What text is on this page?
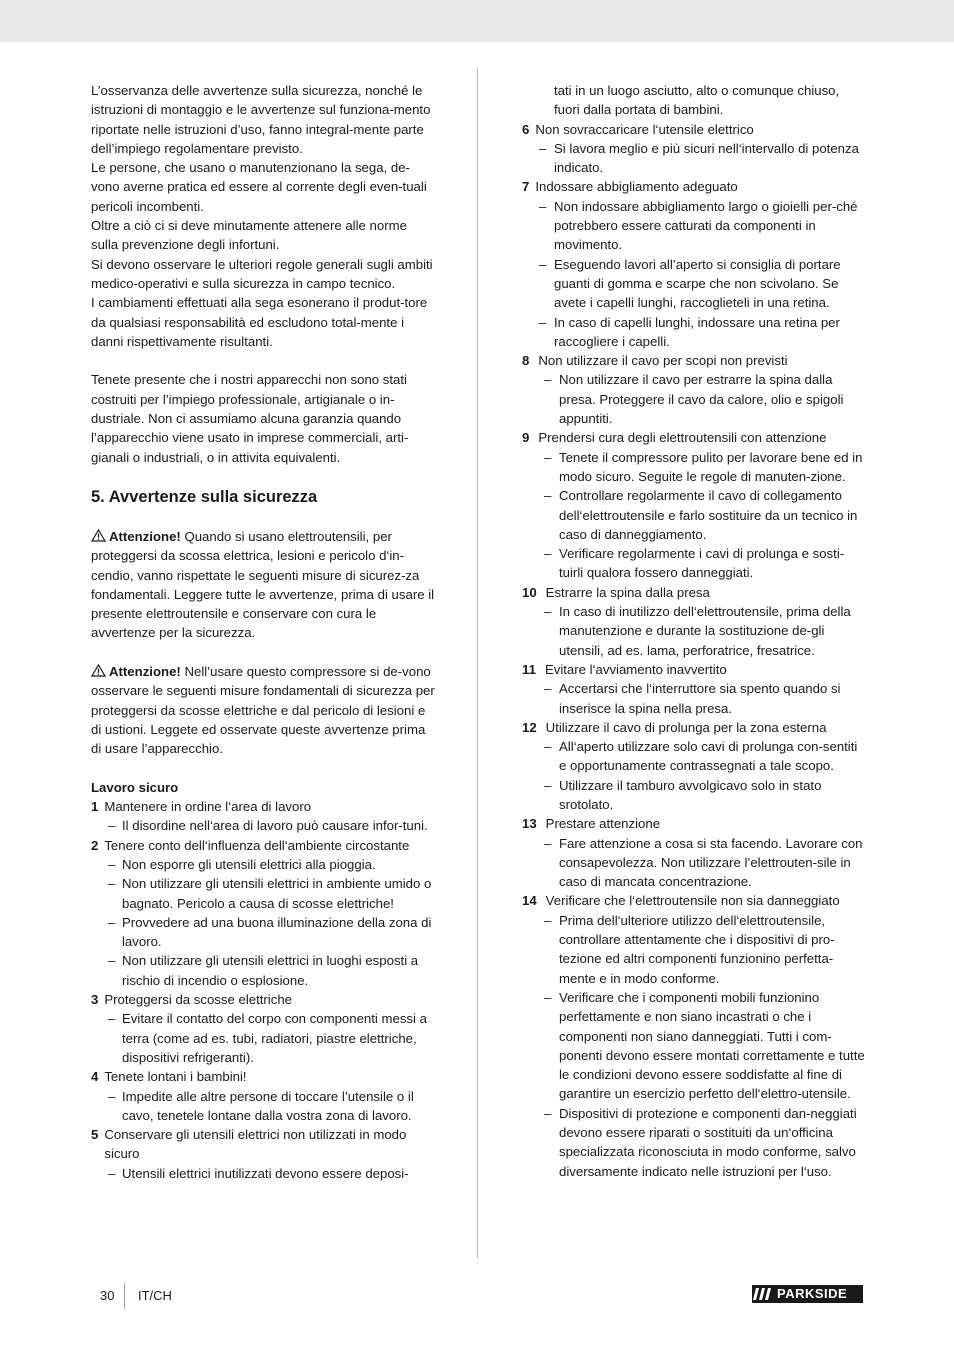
L’osservanza delle avvertenze sulla sicurezza, nonché le istruzioni di montaggio e le avvertenze sul funziona-mento riportate nelle istruzioni d’uso, fanno integral-mente parte dell’impiego regolamentare previsto.

Le persone, che usano o manutenzionano la sega, de-vono averne pratica ed essere al corrente degli even-tuali pericoli incombenti.

Oltre a ciò ci si deve minutamente attenere alle norme sulla prevenzione degli infortuni.

Si devono osservare le ulteriori regole generali sugli ambiti medico-operativi e sulla sicurezza in campo tecnico.

I cambiamenti effettuati alla sega esonerano il produt-tore da qualsiasi responsabilità ed escludono total-mente i danni rispettivamente risultanti.

Tenete presente che i nostri apparecchi non sono stati costruiti per l’impiego professionale, artigianale o in-dustriale. Non ci assumiamo alcuna garanzia quando l’apparecchio viene usato in imprese commerciali, arti-gianali o industriali, o in attivita equivalenti.

5. Avvertenze sulla sicurezza

Attenzione! Quando si usano elettroutensili, per proteggersi da scossa elettrica, lesioni e pericolo d‘in-cendio, vanno rispettate le seguenti misure di sicurez-za fondamentali. Leggere tutte le avvertenze, prima di usare il presente elettroutensile e conservare con cura le avvertenze per la sicurezza.

Attenzione! Nell’usare questo compressore si de-vono osservare le seguenti misure fondamentali di sicurezza per proteggersi da scosse elettriche e dal pericolo di lesioni e di ustioni. Leggete ed osservate queste avvertenze prima di usare l’apparecchio.

Lavoro sicuro
1 Mantenere in ordine l‘area di lavoro
– Il disordine nell‘area di lavoro può causare infor-tuni.
2 Tenere conto dell‘influenza dell‘ambiente circostante
– Non esporre gli utensili elettrici alla pioggia.
– Non utilizzare gli utensili elettrici in ambiente umido o bagnato. Pericolo a causa di scosse elettriche!
– Provvedere ad una buona illuminazione della zona di lavoro.
– Non utilizzare gli utensili elettrici in luoghi esposti a rischio di incendio o esplosione.
3 Proteggersi da scosse elettriche
– Evitare il contatto del corpo con componenti messi a terra (come ad es. tubi, radiatori, piastre elettriche, dispositivi refrigeranti).
4 Tenete lontani i bambini!
– Impedite alle altre persone di toccare l’utensile o il cavo, tenetele lontane dalla vostra zona di lavoro.
5 Conservare gli utensili elettrici non utilizzati in modo sicuro
– Utensili elettrici inutilizzati devono essere deposi-
tati in un luogo asciutto, alto o comunque chiuso, fuori dalla portata di bambini.
6 Non sovraccaricare l‘utensile elettrico
– Si lavora meglio e più sicuri nell‘intervallo di potenza indicato.
7 Indossare abbigliamento adeguato
– Non indossare abbigliamento largo o gioielli per-ché potrebbero essere catturati da componenti in movimento.
– Eseguendo lavori all’aperto si consiglia di portare guanti di gomma e scarpe che non scivolano. Se avete i capelli lunghi, raccoglieteli in una retina.
– In caso di capelli lunghi, indossare una retina per raccogliere i capelli.
8 Non utilizzare il cavo per scopi non previsti
– Non utilizzare il cavo per estrarre la spina dalla presa. Proteggere il cavo da calore, olio e spigoli appuntiti.
9 Prendersi cura degli elettroutensili con attenzione
– Tenete il compressore pulito per lavorare bene ed in modo sicuro. Seguite le regole di manuten-zione.
– Controllare regolarmente il cavo di collegamento dell‘elettroutensile e farlo sostituire da un tecnico in caso di danneggiamento.
– Verificare regolarmente i cavi di prolunga e sosti-tuirli qualora fossero danneggiati.
10 Estrarre la spina dalla presa
– In caso di inutilizzo dell‘elettroutensile, prima della manutenzione e durante la sostituzione de-gli utensili, ad es. lama, perforatrice, fresatrice.
11 Evitare l‘avviamento inavvertito
– Accertarsi che l‘interruttore sia spento quando si inserisce la spina nella presa.
12 Utilizzare il cavo di prolunga per la zona esterna
– All‘aperto utilizzare solo cavi di prolunga con-sentiti e opportunamente contrassegnati a tale scopo.
– Utilizzare il tamburo avvolgicavo solo in stato srotolato.
13 Prestare attenzione
– Fare attenzione a cosa si sta facendo. Lavorare con consapevolezza. Non utilizzare l’elettrouten-sile in caso di mancata concentrazione.
14 Verificare che l‘elettroutensile non sia danneggiato
– Prima dell‘ulteriore utilizzo dell‘elettroutensile, controllare attentamente che i dispositivi di pro-tezione ed altri componenti funzionino perfetta-mente e in modo conforme.
– Verificare che i componenti mobili funzionino perfettamente e non siano incastrati o che i componenti non siano danneggiati. Tutti i com-ponenti devono essere montati correttamente e tutte le condizioni devono essere soddisfatte al fine di garantire un esercizio perfetto dell‘elettro-utensile.
– Dispositivi di protezione e componenti dan-neggiati devono essere riparati o sostituiti da un‘officina specializzata riconosciuta in modo conforme, salvo diversamente indicato nelle istruzioni per l‘uso.
30 IT/CH	PARKSIDE
